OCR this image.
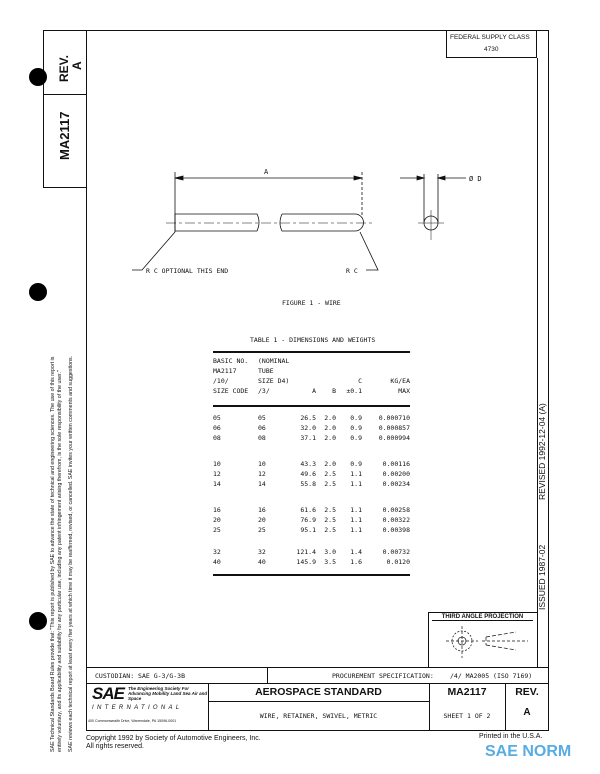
REV.
A
MA2117
SAE Technical Standards Board Rules provide that: "This report is published by SAE to advance the state of technical and engineering sciences. The use of this report is entirely voluntary, and its applicability and suitability for any particular use, including any patent infringement arising therefrom, is the sole responsibility of the user." SAE reviews each technical report at least every five years at which time it may be reaffirmed, revised, or cancelled. SAE invites your written comments and suggestions.
FEDERAL SUPPLY CLASS
4730
A
Ø D
R C OPTIONAL THIS END	R C
FIGURE 1 - WIRE
TABLE 1 - DIMENSIONS AND WEIGHTS
BASIC NO.
MA2117
/10/
SIZE CODE
(NOMINAL
TUBE
SIZE D4)
/3/	A B
C
±0.1
KG/EA
MAX
05	05	26.5 2.0 0.9	0.000710
06	06	32.0 2.0 0.9	0.000857
08	08	37.1 2.0 0.9	0.000994
10	10	43.3 2.0 0.9	0.00116
12	12	49.6 2.5 1.1	0.00200
14	14	55.8 2.5 1.1	0.00234
16	16	61.6 2.5 1.1	0.00258
20	20	76.9 2.5 1.1	0.00322
25	25	95.1 2.5 1.1	0.00398
32	32	121.4 3.0 1.4	0.00732
40	40	145.9 3.5 1.6	0.0120
REVISED 1992-12-04 (A)
ISSUED 1987-02
THIRD ANGLE PROJECTION
CUSTODIAN: SAE G-3/G-3B	PROCUREMENT SPECIFICATION:	/4/ MA2005 (ISO 7169)
SAE The Engineering Society For Advancing Mobility Land Sea Air and Space
INTERNATIONAL
400 Commonwealth Drive, Warrendale, PA 15096-0001
AEROSPACE STANDARD
WIRE, RETAINER, SWIVEL, METRIC
MA2117
SHEET 1 OF 2
REV.
A
Copyright 1992 by Society of Automotive Engineers, Inc.
All rights reserved.
Printed in the U.S.A.
SAE NORM
